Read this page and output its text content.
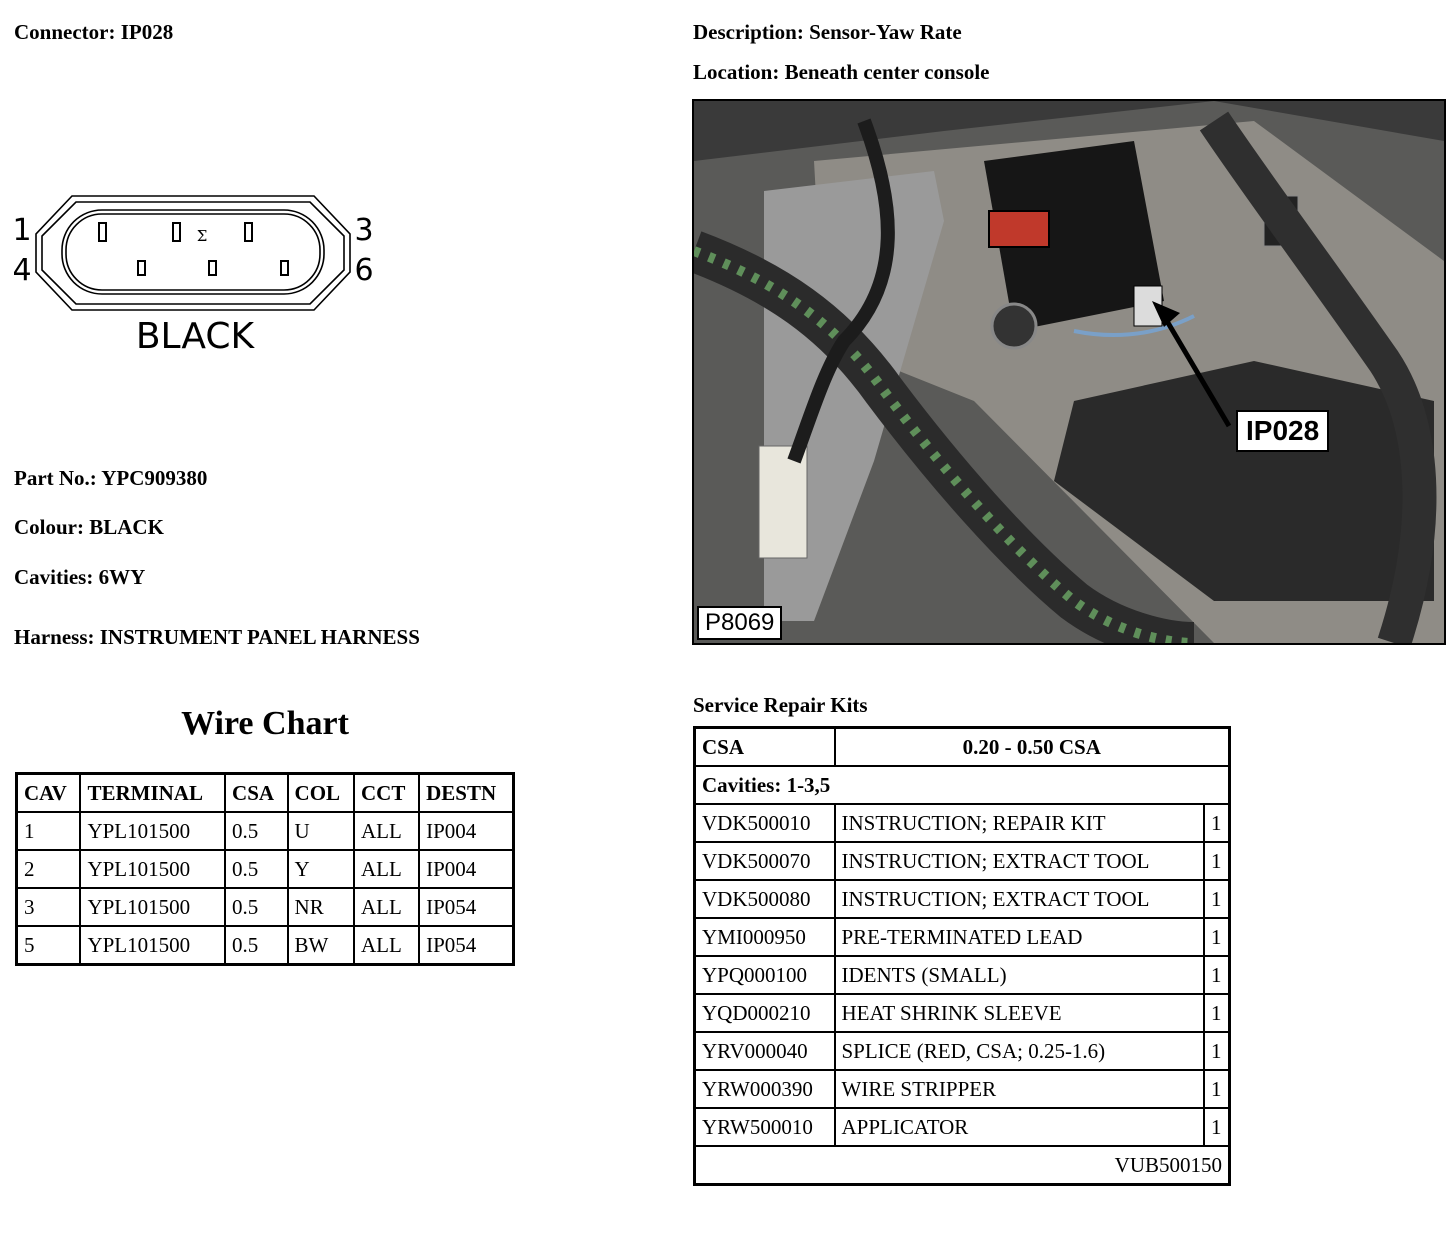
Connector: IP028	Description: Sensor-Yaw Rate
Location: Beneath center console
Σ
1
4
3
6
BLACK
Part No.: YPC909380
Colour: BLACK
Cavities: 6WY
Harness: INSTRUMENT PANEL HARNESS
Wire Chart
CAV	TERMINAL	CSA	COL	CCT	DESTN
1	YPL101500	0.5	U	ALL	IP004
2	YPL101500	0.5	Y	ALL	IP004
3	YPL101500	0.5	NR	ALL	IP054
5	YPL101500	0.5	BW	ALL	IP054
IP028
P8069
Service Repair Kits
CSA	0.20 - 0.50 CSA	
Cavities: 1-3,5		
VDK500010	INSTRUCTION; REPAIR KIT	1
VDK500070	INSTRUCTION; EXTRACT TOOL	1
VDK500080	INSTRUCTION; EXTRACT TOOL	1
YMI000950	PRE-TERMINATED LEAD	1
YPQ000100	IDENTS (SMALL)	1
YQD000210	HEAT SHRINK SLEEVE	1
YRV000040	SPLICE (RED, CSA; 0.25-1.6)	1
YRW000390	WIRE STRIPPER	1
YRW500010	APPLICATOR	1
VUB500150		
